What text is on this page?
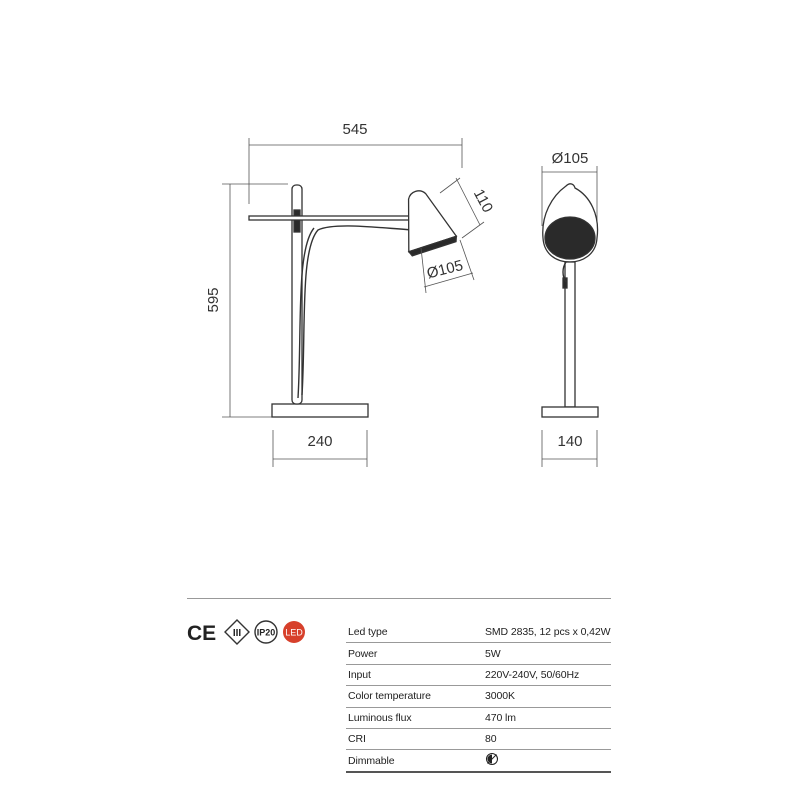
545
595
240
110
Ø105
Ø105
140
CE III IP20 LED	Led type	SMD 2835, 12 pcs x 0,42W
Power	5W
Input	220V-240V, 50/60Hz
Color temperature	3000K
Luminous flux	470 lm
CRI	80
Dimmable
